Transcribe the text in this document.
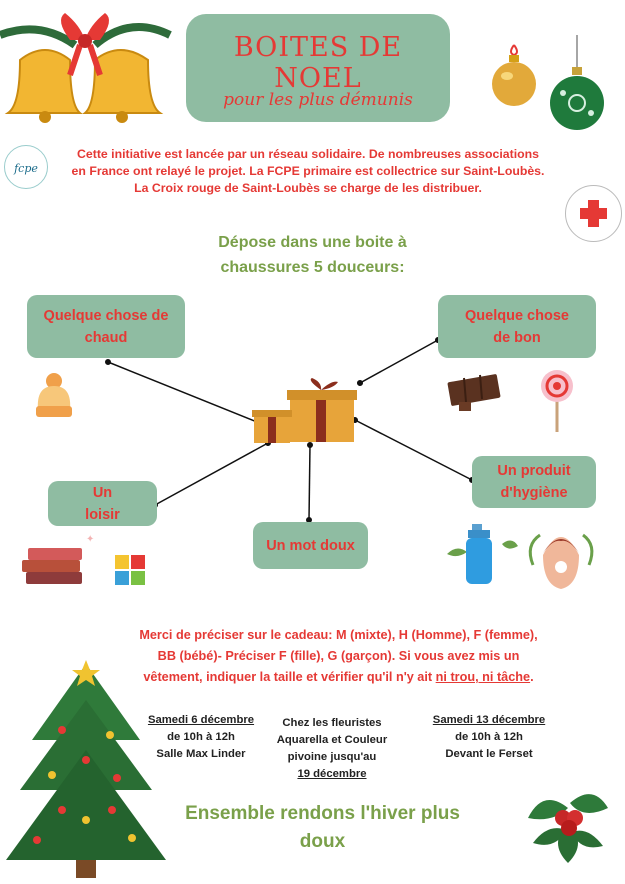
BOITES DE NOEL
pour les plus démunis
fcpe
Cette initiative est lancée par un réseau solidaire. De nombreuses associations
en France ont relayé le projet. La FCPE primaire est collectrice sur Saint-Loubès.
La Croix rouge de Saint-Loubès se charge de les distribuer.
Dépose dans une boite à
chaussures 5 douceurs:
Quelque chose de
chaud
Quelque chose
de bon
Un produit
d'hygiène
Un
loisir
Un mot doux
✦
Merci de préciser sur le cadeau: M (mixte), H (Homme), F (femme),
BB (bébé)- Préciser F (fille), G (garçon). Si vous avez mis un
vêtement, indiquer la taille et vérifier qu'il n'y ait ni trou, ni tâche.
Samedi 6 décembre
de 10h à 12h
Salle Max Linder
Chez les fleuristes
Aquarella et Couleur
pivoine jusqu'au
19 décembre
Samedi 13 décembre
de 10h à 12h
Devant le Ferset
Ensemble rendons l'hiver plus
doux
